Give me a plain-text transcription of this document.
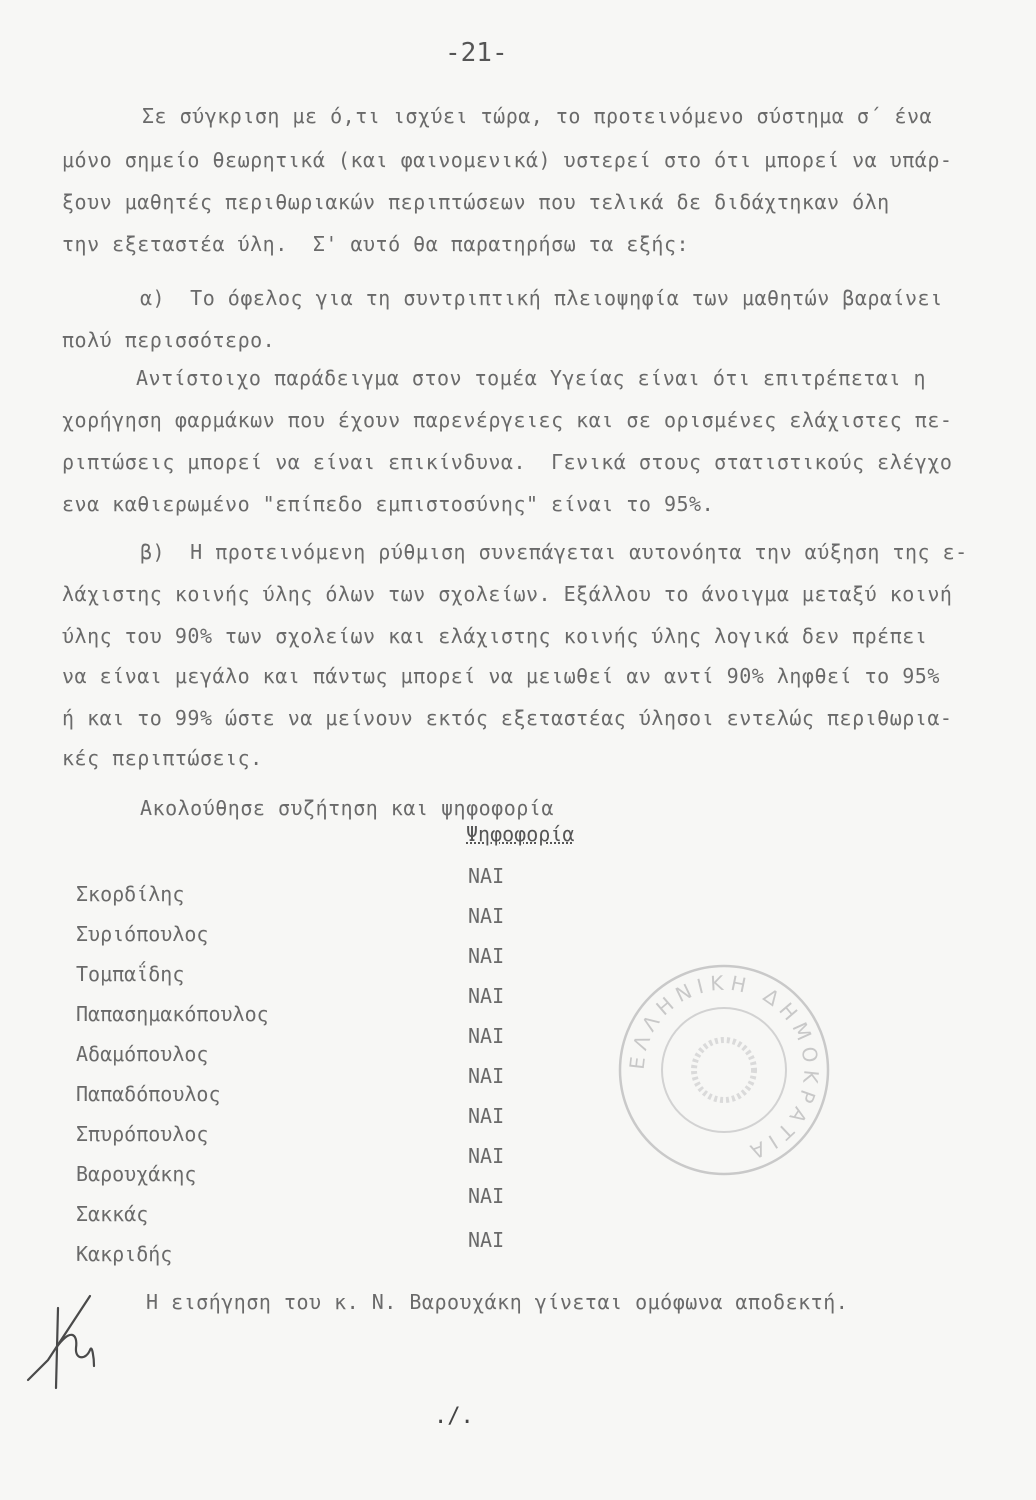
-21-
Σε σύγκριση με ό,τι ισχύει τώρα, το προτεινόμενο σύστημα σ΄ ένα
μόνο σημείο θεωρητικά (και φαινομενικά) υστερεί στο ότι μπορεί να υπάρ-
ξουν μαθητές περιθωριακών περιπτώσεων που τελικά δε διδάχτηκαν όλη
την εξεταστέα ύλη.  Σ' αυτό θα παρατηρήσω τα εξής:
α)  Το όφελος για τη συντριπτική πλειοψηφία των μαθητών βαραίνει
πολύ περισσότερο.
Αντίστοιχο παράδειγμα στον τομέα Υγείας είναι ότι επιτρέπεται η
χορήγηση φαρμάκων που έχουν παρενέργειες και σε ορισμένες ελάχιστες πε-
ριπτώσεις μπορεί να είναι επικίνδυνα.  Γενικά στους στατιστικούς ελέγχο
ενα καθιερωμένο "επίπεδο εμπιστοσύνης" είναι το 95%.
β)  Η προτεινόμενη ρύθμιση συνεπάγεται αυτονόητα την αύξηση της ε-
λάχιστης κοινής ύλης όλων των σχολείων. Εξάλλου το άνοιγμα μεταξύ κοινή
ύλης του 90% των σχολείων και ελάχιστης κοινής ύλης λογικά δεν πρέπει
να είναι μεγάλο και πάντως μπορεί να μειωθεί αν αντί 90% ληφθεί το 95%
ή και το 99% ώστε να μείνουν εκτός εξεταστέας ύλησοι εντελώς περιθωρια-
κές περιπτώσεις.
Ακολούθησε συζήτηση και ψηφοφορία
Ψηφοφορία
Σκορδίλης
ΝΑΙ
Συριόπουλος
ΝΑΙ
Τομπαΐδης
ΝΑΙ
Παπασημακόπουλος
ΝΑΙ
Αδαμόπουλος
ΝΑΙ
Παπαδόπουλος
ΝΑΙ
Σπυρόπουλος
ΝΑΙ
Βαρουχάκης
ΝΑΙ
Σακκάς
ΝΑΙ
Κακριδής
ΝΑΙ
ΕΛΛΗΝΙΚΗ ΔΗΜΟΚΡΑΤΙΑ
Η εισήγηση του κ. Ν. Βαρουχάκη γίνεται ομόφωνα αποδεκτή.
./.
